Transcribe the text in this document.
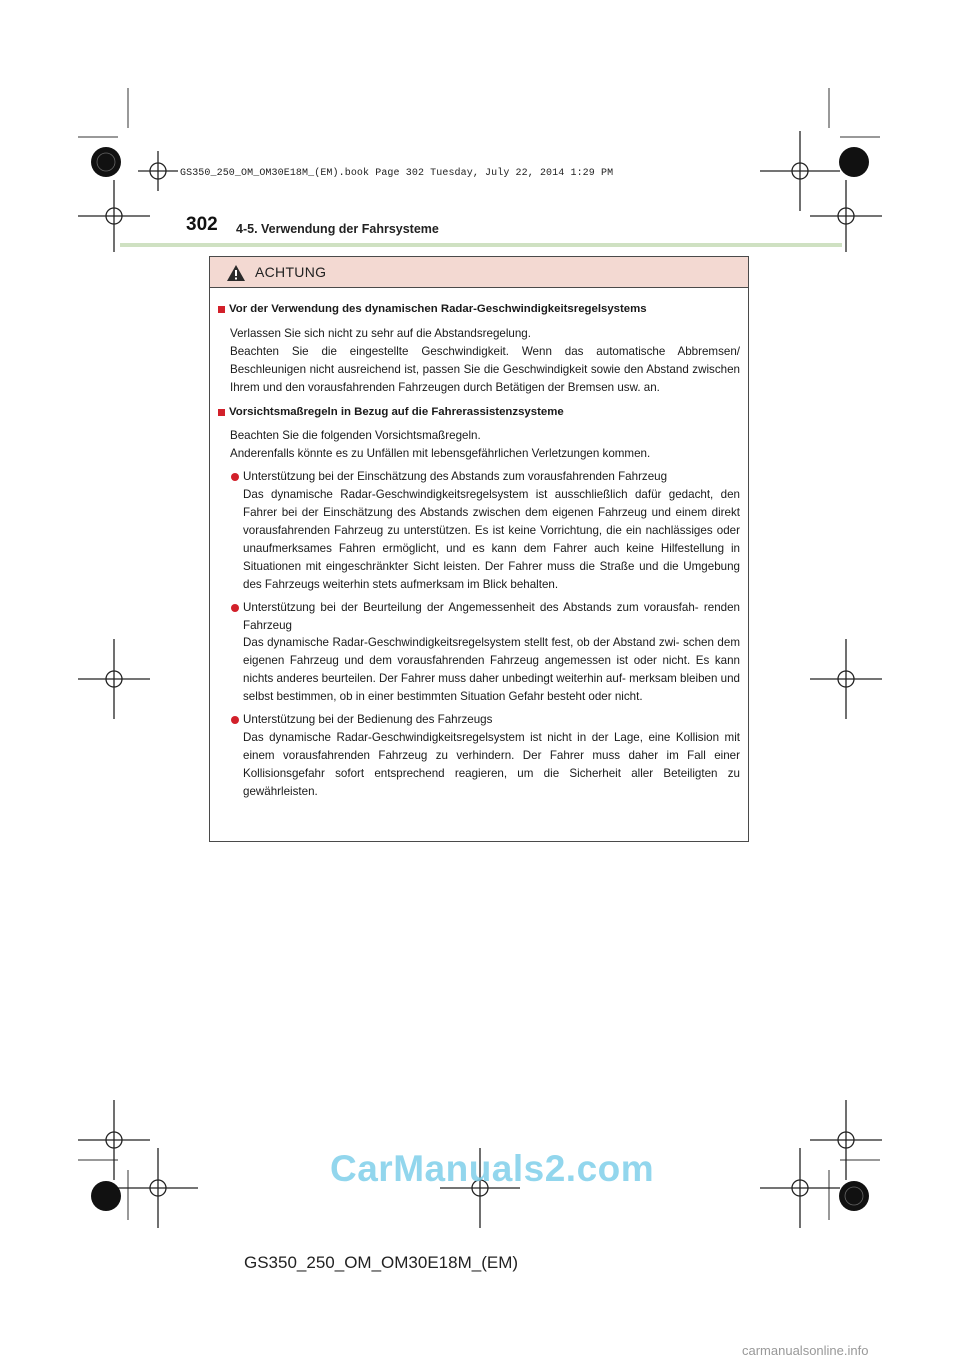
GS350_250_OM_OM30E18M_(EM).book Page 302 Tuesday, July 22, 2014 1:29 PM
302 4-5. Verwendung der Fahrsysteme
ACHTUNG
Vor der Verwendung des dynamischen Radar-Geschwindigkeitsregelsystems
Verlassen Sie sich nicht zu sehr auf die Abstandsregelung.
Beachten Sie die eingestellte Geschwindigkeit. Wenn das automatische Abbremsen/ Beschleunigen nicht ausreichend ist, passen Sie die Geschwindigkeit sowie den Abstand zwischen Ihrem und den vorausfahrenden Fahrzeugen durch Betätigen der Bremsen usw. an.
Vorsichtsmaßregeln in Bezug auf die Fahrerassistenzsysteme
Beachten Sie die folgenden Vorsichtsmaßregeln.
Anderenfalls könnte es zu Unfällen mit lebensgefährlichen Verletzungen kommen.
Unterstützung bei der Einschätzung des Abstands zum vorausfahrenden Fahrzeug
Das dynamische Radar-Geschwindigkeitsregelsystem ist ausschließlich dafür gedacht, den Fahrer bei der Einschätzung des Abstands zwischen dem eigenen Fahrzeug und einem direkt vorausfahrenden Fahrzeug zu unterstützen. Es ist keine Vorrichtung, die ein nachlässiges oder unaufmerksames Fahren ermöglicht, und es kann dem Fahrer auch keine Hilfestellung in Situationen mit eingeschränkter Sicht leisten. Der Fahrer muss die Straße und die Umgebung des Fahrzeugs weiterhin stets aufmerksam im Blick behalten.
Unterstützung bei der Beurteilung der Angemessenheit des Abstands zum vorausfah- renden Fahrzeug
Das dynamische Radar-Geschwindigkeitsregelsystem stellt fest, ob der Abstand zwi- schen dem eigenen Fahrzeug und dem vorausfahrenden Fahrzeug angemessen ist oder nicht. Es kann nichts anderes beurteilen. Der Fahrer muss daher unbedingt weiterhin auf- merksam bleiben und selbst bestimmen, ob in einer bestimmten Situation Gefahr besteht oder nicht.
Unterstützung bei der Bedienung des Fahrzeugs
Das dynamische Radar-Geschwindigkeitsregelsystem ist nicht in der Lage, eine Kollision mit einem vorausfahrenden Fahrzeug zu verhindern. Der Fahrer muss daher im Fall einer Kollisionsgefahr sofort entsprechend reagieren, um die Sicherheit aller Beteiligten zu gewährleisten.
CarManuals2.com
GS350_250_OM_OM30E18M_(EM)
carmanualsonline.info
